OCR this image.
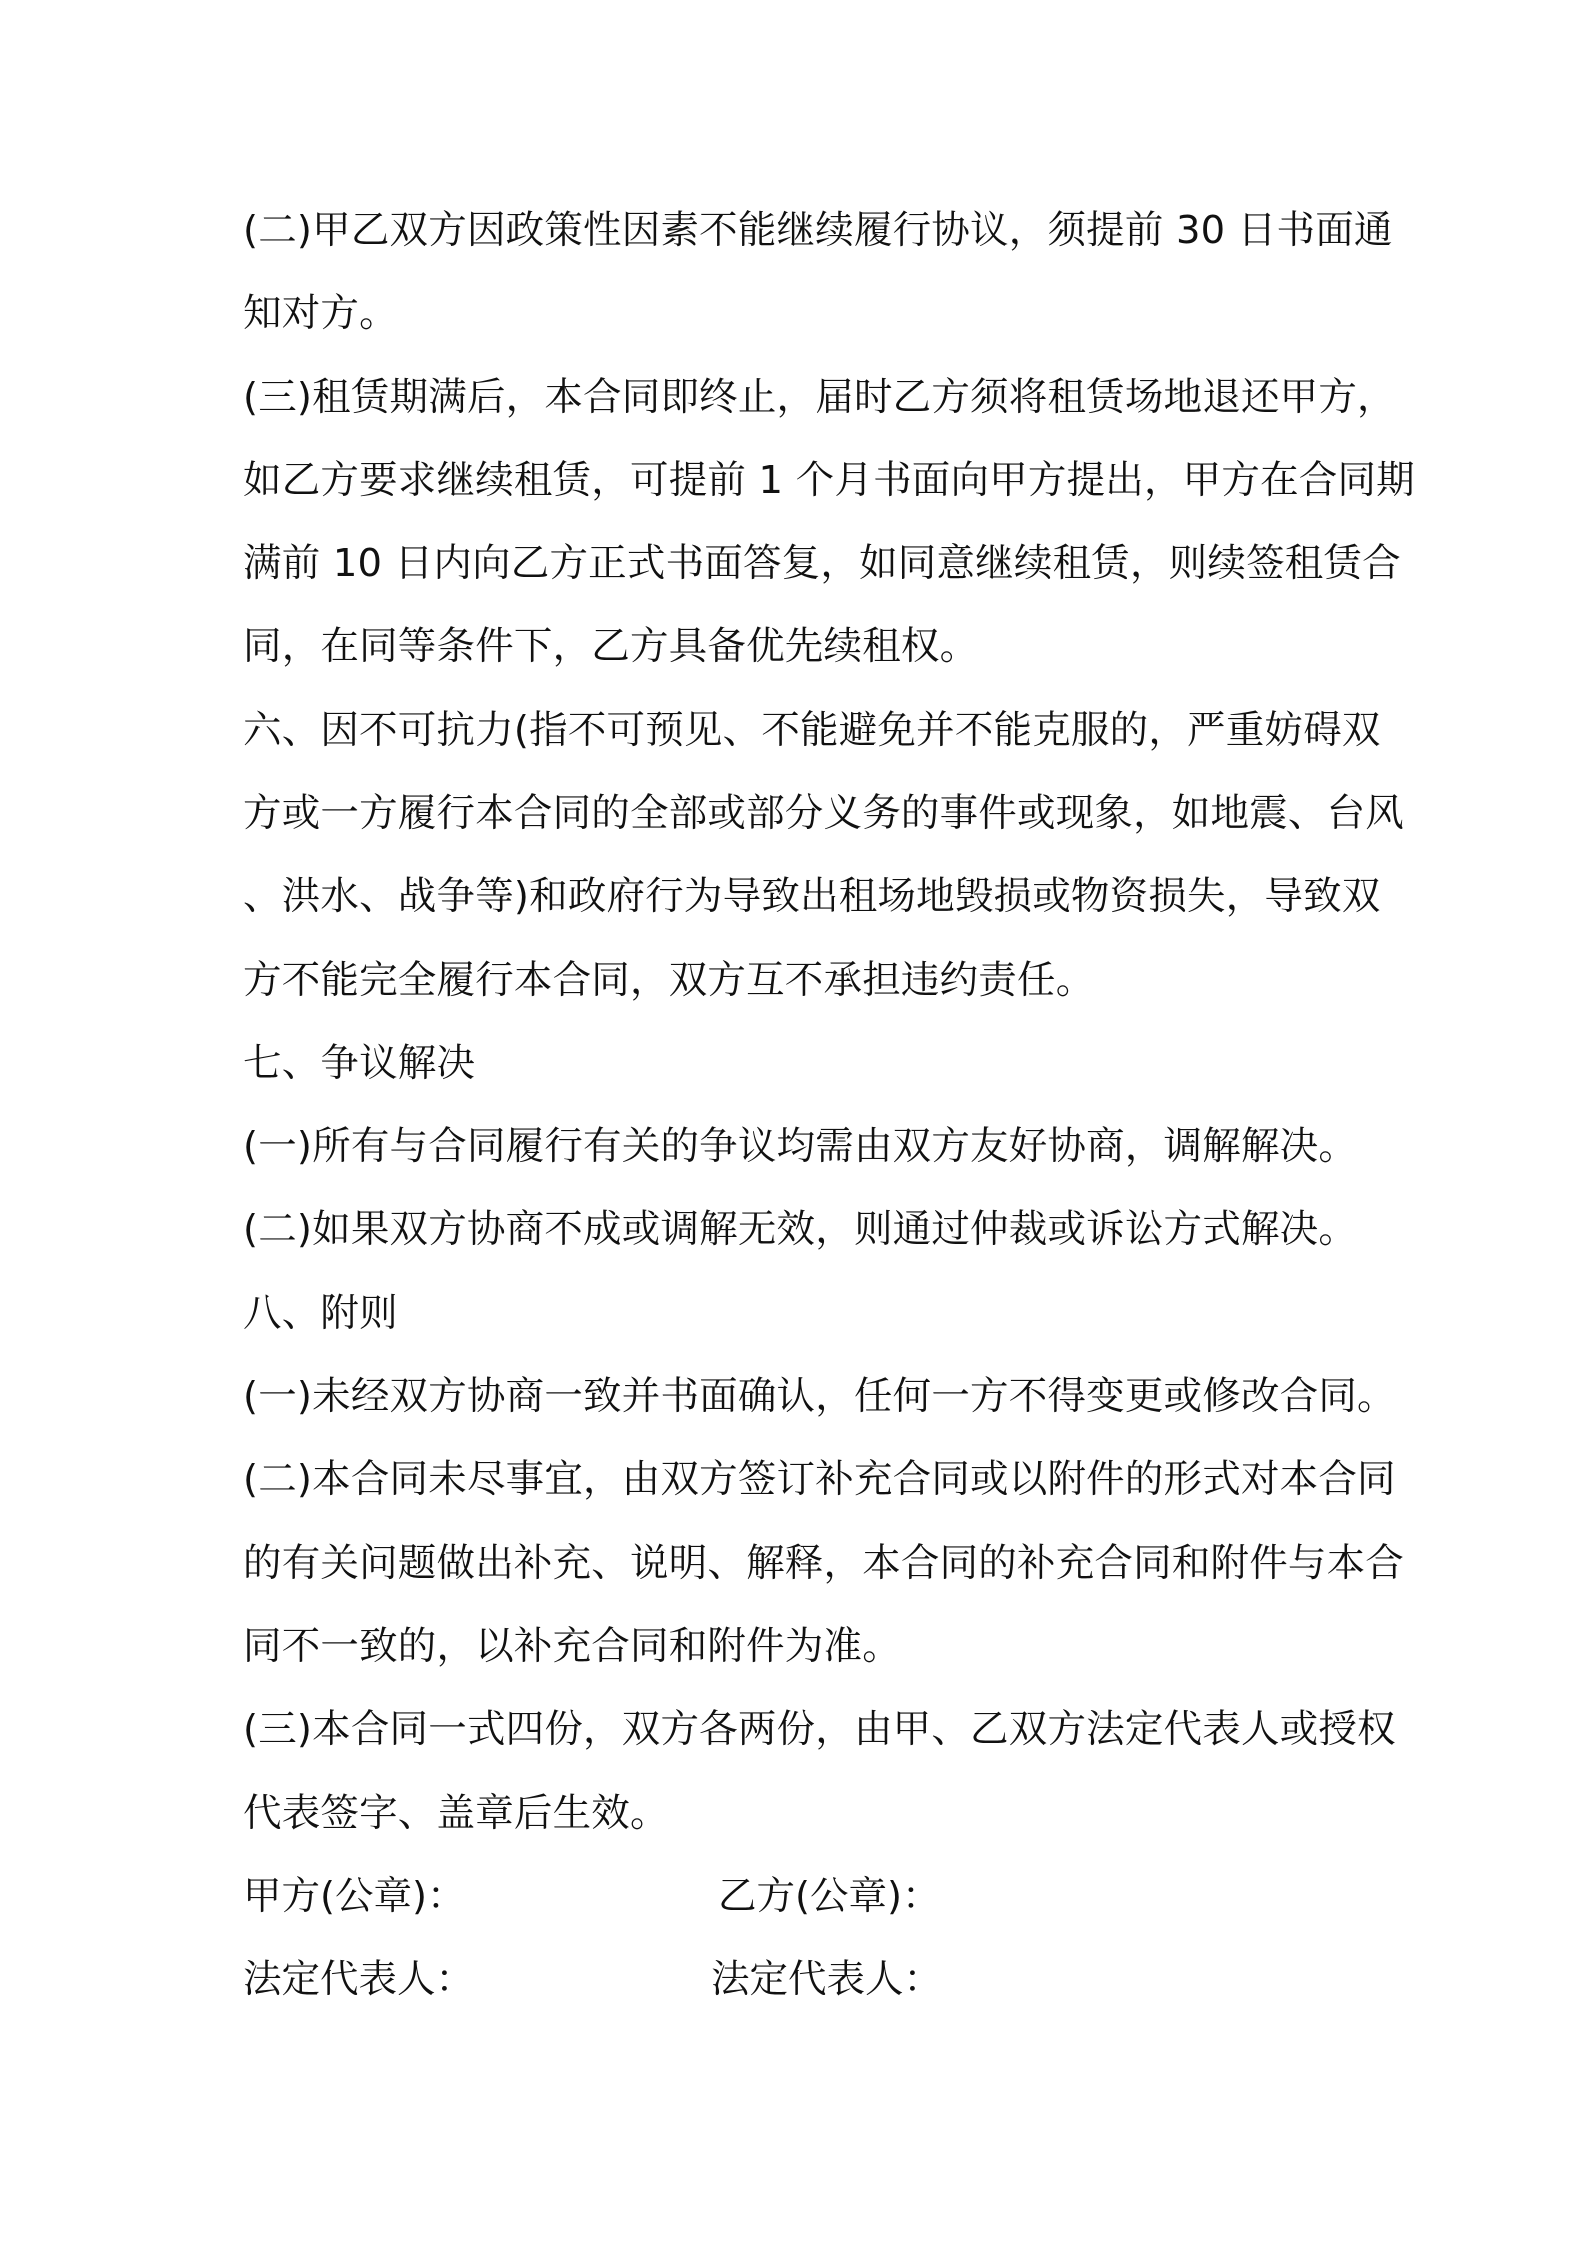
(二)甲乙双方因政策性因素不能继续履行协议，须提前 30 日书面通
知对方。
(三)租赁期满后，本合同即终止，届时乙方须将租赁场地退还甲方，
如乙方要求继续租赁，可提前 1 个月书面向甲方提出，甲方在合同期
满前 10 日内向乙方正式书面答复，如同意继续租赁，则续签租赁合
同，在同等条件下，乙方具备优先续租权。
六、因不可抗力(指不可预见、不能避免并不能克服的，严重妨碍双
方或一方履行本合同的全部或部分义务的事件或现象，如地震、台风
、洪水、战争等)和政府行为导致出租场地毁损或物资损失，导致双
方不能完全履行本合同，双方互不承担违约责任。
七、争议解决
(一)所有与合同履行有关的争议均需由双方友好协商，调解解决。
(二)如果双方协商不成或调解无效，则通过仲裁或诉讼方式解决。
八、附则
(一)未经双方协商一致并书面确认，任何一方不得变更或修改合同。
(二)本合同未尽事宜，由双方签订补充合同或以附件的形式对本合同
的有关问题做出补充、说明、解释，本合同的补充合同和附件与本合
同不一致的，以补充合同和附件为准。
(三)本合同一式四份，双方各两份，由甲、乙双方法定代表人或授权
代表签字、盖章后生效。
甲方(公章)：	乙方(公章)：
法定代表人：	法定代表人：
